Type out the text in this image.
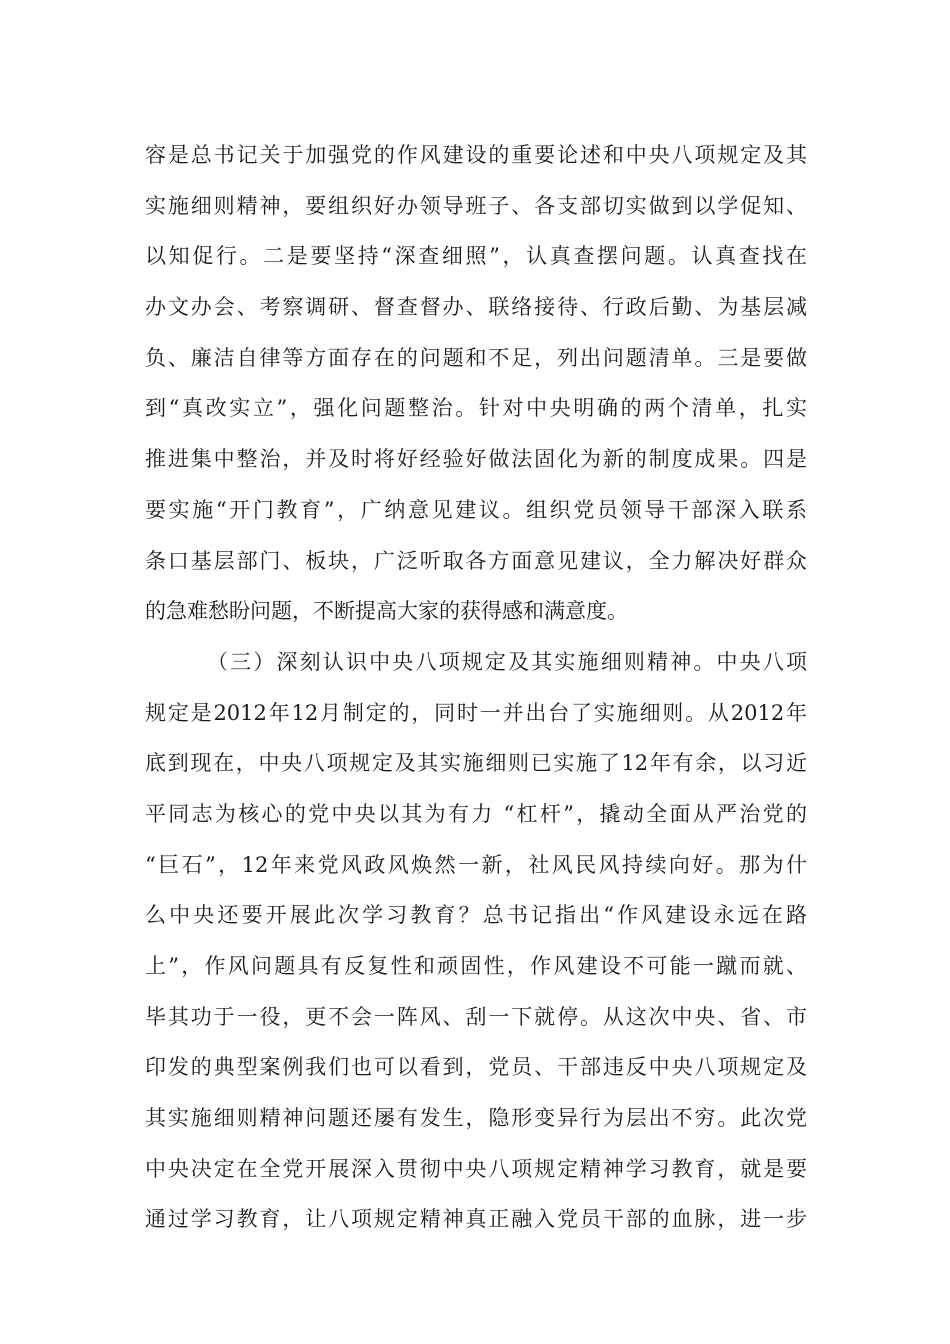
容是总书记关于加强党的作风建设的重要论述和中央八项规定及其
实施细则精神，要组织好办领导班子、各支部切实做到以学促知、
以知促行。二是要坚持“深查细照”，认真查摆问题。认真查找在
办文办会、考察调研、督查督办、联络接待、行政后勤、为基层减
负、廉洁自律等方面存在的问题和不足，列出问题清单。三是要做
到“真改实立”，强化问题整治。针对中央明确的两个清单，扎实
推进集中整治，并及时将好经验好做法固化为新的制度成果。四是
要实施“开门教育”，广纳意见建议。组织党员领导干部深入联系
条口基层部门、板块，广泛听取各方面意见建议，全力解决好群众
的急难愁盼问题，不断提高大家的获得感和满意度。
（三）深刻认识中央八项规定及其实施细则精神。中央八项
规定是2012年12月制定的，同时一并出台了实施细则。从2012年
底到现在，中央八项规定及其实施细则已实施了12年有余，以习近
平同志为核心的党中央以其为有力 “杠杆”，撬动全面从严治党的
“巨石”，12年来党风政风焕然一新，社风民风持续向好。那为什
么中央还要开展此次学习教育？总书记指出“作风建设永远在路
上”，作风问题具有反复性和顽固性，作风建设不可能一蹴而就、
毕其功于一役，更不会一阵风、刮一下就停。从这次中央、省、市
印发的典型案例我们也可以看到，党员、干部违反中央八项规定及
其实施细则精神问题还屡有发生，隐形变异行为层出不穷。此次党
中央决定在全党开展深入贯彻中央八项规定精神学习教育，就是要
通过学习教育，让八项规定精神真正融入党员干部的血脉，进一步
